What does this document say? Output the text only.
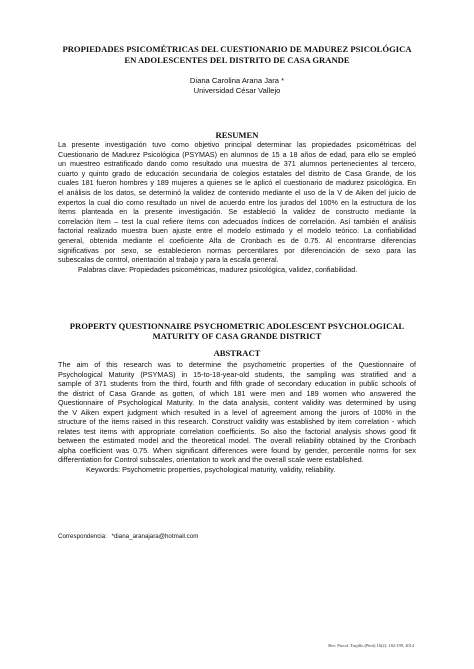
PROPIEDADES PSICOMÉTRICAS DEL CUESTIONARIO DE MADUREZ PSICOLÓGICA
EN ADOLESCENTES DEL DISTRITO DE CASA GRANDE
Diana Carolina Arana Jara *
Universidad César Vallejo
RESUMEN
La presente investigación tuvo como objetivo principal determinar las propiedades psicométricas del
Cuestionario de Madurez Psicológica (PSYMAS) en alumnos de 15 a 18 años de edad, para ello se empleó
un muestreo estratificado dando como resultado una muestra de 371 alumnos pertenecientes al tercero,
cuarto y quinto grado de educación secundaria de colegios estatales del distrito de Casa Grande, de los
cuales 181 fueron hombres y 189 mujeres a quienes se le aplicó el cuestionario de madurez psicológica. En
el análisis de los datos, se determinó la validez de contenido mediante el uso de la V de Aiken del juicio de
expertos la cual dio como resultado un nivel de acuerdo entre los jurados del 100% en la estructura de los
ítems planteada en la presente investigación. Se estableció la validez de constructo mediante la
correlación ítem – test la cual refiere ítems con adecuados índices de correlación. Así también el análisis
factorial realizado muestra buen ajuste entre el modelo estimado y el modelo teórico. La confiabilidad
general, obtenida mediante el coeficiente Alfa de Cronbach es de 0.75. Al encontrarse diferencias
significativas por sexo, se establecieron normas percentilares por diferenciación de sexo para las
subescalas de control, orientación al trabajo y para la escala general.
Palabras clave: Propiedades psicométricas, madurez psicológica, validez, confiabilidad.
PROPERTY QUESTIONNAIRE PSYCHOMETRIC ADOLESCENT PSYCHOLOGICAL
MATURITY OF CASA GRANDE DISTRICT
ABSTRACT
The aim of this research was to determine the psychometric properties of the Questionnaire of
Psychological Maturity (PSYMAS) in 15-to-18-year-old students, the sampling was stratified and a
sample of 371 students from the third, fourth and fifth grade of secondary education in public schools of
the district of Casa Grande as gotten, of which 181 were men and 189 women who answered the
Questionnaire of Psychological Maturity. In the data analysis, content validity was determined by using
the V Aiken expert judgment which resulted in a level of agreement among the jurors of 100% in the
structure of the items raised in this research. Construct validity was established by item correlation - which
relates test items with appropriate correlation coefficients. So also the factorial analysis shows good fit
between the estimated model and the theoretical model. The overall reliability obtained by the Cronbach
alpha coefficient was 0.75. When significant differences were found by gender, percentile norms for sex
differentiation for Control subscales, orientation to work and the overall scale were established.
Keywords: Psychometric properties, psychological maturity, validity, reliability.
Correspondencia: *diana_aranajara@hotmail.com
Rev. Psicol. Trujillo (Perú) 16(2): 182-199, 2014
